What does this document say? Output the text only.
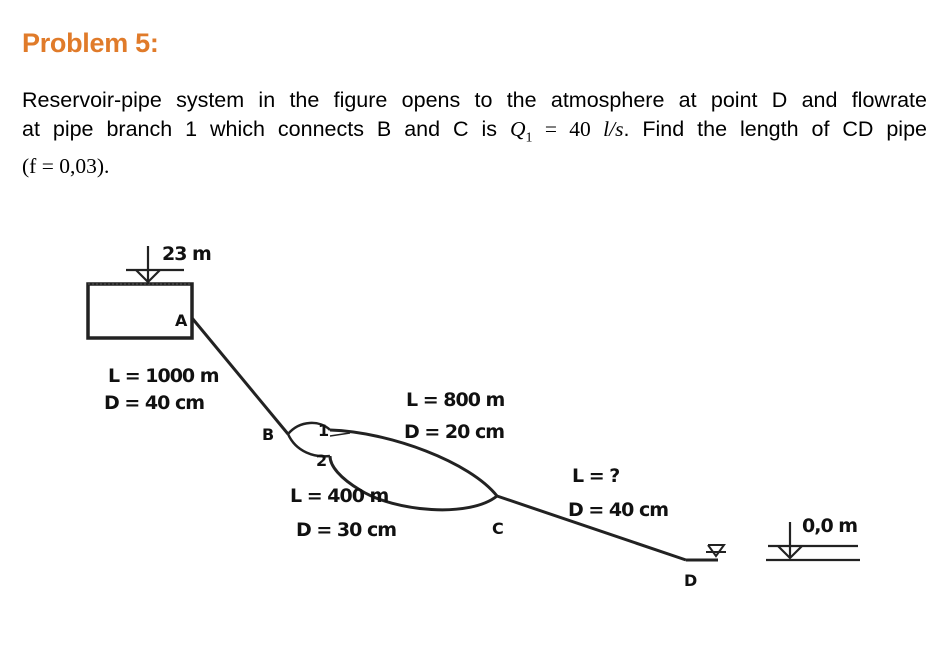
Problem 5:
Reservoir-pipe system in the figure opens to the atmosphere at point D and flowrate
at pipe branch 1 which connects B and C is $Q_1 = 40$ l/s. Find the length of CD pipe
(f = 0,03).
23 m
A
L = 1000 m
D = 40 cm
B	1
2
L = 800 m
D = 20 cm
L = 400 m
D = 30 cm	C
L = ?
D = 40 cm
D
0,0 m
